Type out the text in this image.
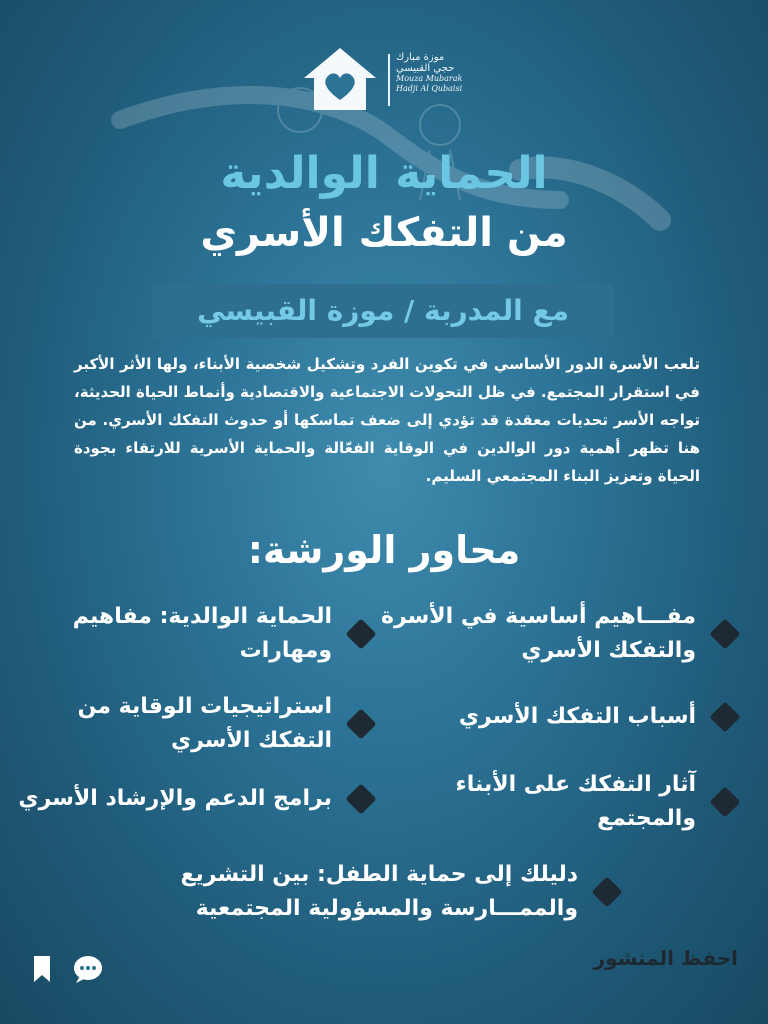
موزة مبارك
حجي القبيسي
Mouza Mubarak
Hadji Al Qubaisi
الحماية الوالدية
من التفكك الأسري
مع المدربة / موزة القبيسي

تلعب الأسرة الدور الأساسي في تكوين الفرد وتشكيل شخصية الأبناء، ولها الأثر الأكبر في استقرار المجتمع. في ظل التحولات الاجتماعية والاقتصادية وأنماط الحياة الحديثة، تواجه الأسر تحديات معقدة قد تؤدي إلى ضعف تماسكها أو حدوث التفكك الأسري. من هنا تظهر أهمية دور الوالدين في الوقاية الفعّالة والحماية الأسرية للارتقاء بجودة الحياة وتعزيز البناء المجتمعي السليم.

محاور الورشة:
مفـــاهيم أساسية في الأسرة والتفكك الأسري
أسباب التفكك الأسري
آثار التفكك على الأبناء والمجتمع
الحماية الوالدية: مفاهيم ومهارات
استراتيجيات الوقاية من التفكك الأسري
برامج الدعم والإرشاد الأسري
دليلك إلى حماية الطفل: بين التشريع والممـــارسة والمسؤولية المجتمعية
احفظ المنشور
